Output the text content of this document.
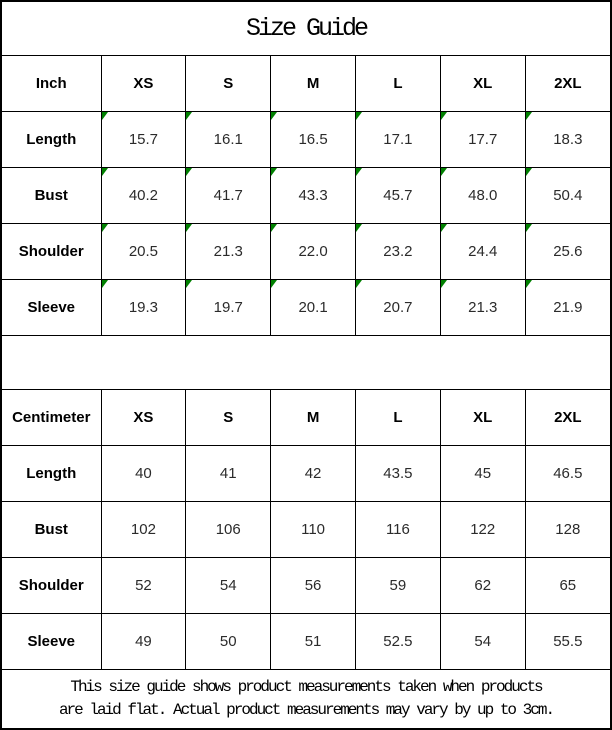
Size Guide
Inch	XS	S	M	L	XL	2XL
Length	15.7	16.1	16.5	17.1	17.7	18.3
Bust	40.2	41.7	43.3	45.7	48.0	50.4
Shoulder	20.5	21.3	22.0	23.2	24.4	25.6
Sleeve	19.3	19.7	20.1	20.7	21.3	21.9
Centimeter	XS	S	M	L	XL	2XL
Length	40	41	42	43.5	45	46.5
Bust	102	106	110	116	122	128
Shoulder	52	54	56	59	62	65
Sleeve	49	50	51	52.5	54	55.5
This size guide shows product measurements taken when products
are laid flat. Actual product measurements may vary by up to 3cm.
